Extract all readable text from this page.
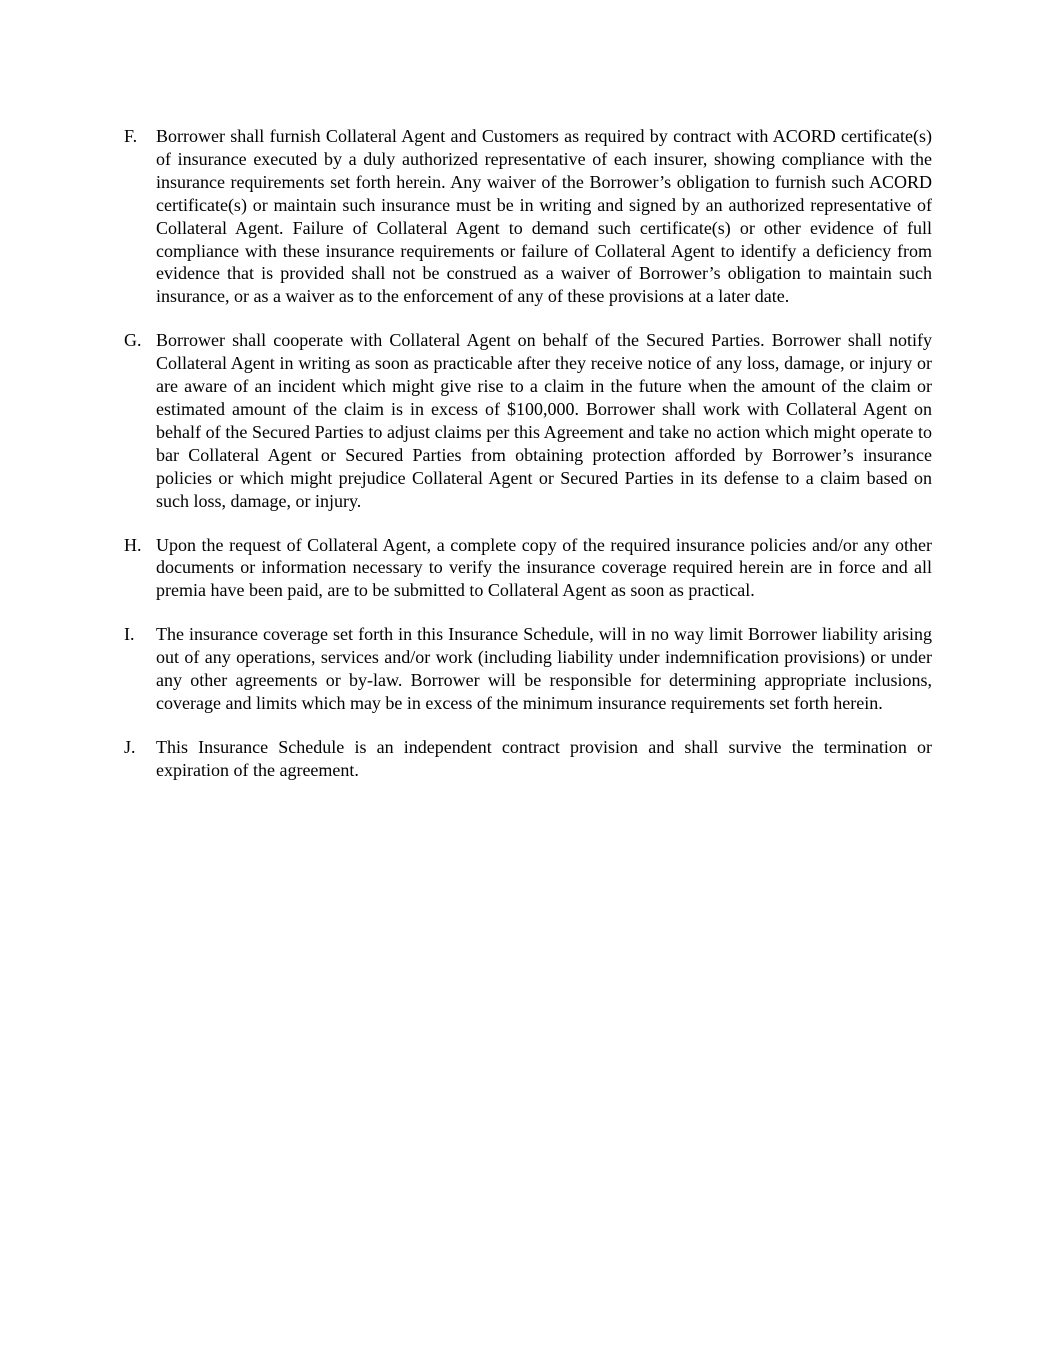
F.	Borrower shall furnish Collateral Agent and Customers as required by contract with ACORD certificate(s) of insurance executed by a duly authorized representative of each insurer, showing compliance with the insurance requirements set forth herein. Any waiver of the Borrower’s obligation to furnish such ACORD certificate(s) or maintain such insurance must be in writing and signed by an authorized representative of Collateral Agent. Failure of Collateral Agent to demand such certificate(s) or other evidence of full compliance with these insurance requirements or failure of Collateral Agent to identify a deficiency from evidence that is provided shall not be construed as a waiver of Borrower’s obligation to maintain such insurance, or as a waiver as to the enforcement of any of these provisions at a later date.

G. Borrower shall cooperate with Collateral Agent on behalf of the Secured Parties. Borrower shall notify Collateral Agent in writing as soon as practicable after they receive notice of any loss, damage, or injury or are aware of an incident which might give rise to a claim in the future when the amount of the claim or estimated amount of the claim is in excess of $100,000. Borrower shall work with Collateral Agent on behalf of the Secured Parties to adjust claims per this Agreement and take no action which might operate to bar Collateral Agent or Secured Parties from obtaining protection afforded by Borrower’s insurance policies or which might prejudice Collateral Agent or Secured Parties in its defense to a claim based on such loss, damage, or injury.

H. Upon the request of Collateral Agent, a complete copy of the required insurance policies and/or any other documents or information necessary to verify the insurance coverage required herein are in force and all premia have been paid, are to be submitted to Collateral Agent as soon as practical.

I.	The insurance coverage set forth in this Insurance Schedule, will in no way limit Borrower liability arising out of any operations, services and/or work (including liability under indemnification provisions) or under any other agreements or by-law. Borrower will be responsible for determining appropriate inclusions, coverage and limits which may be in excess of the minimum insurance requirements set forth herein.

J.	This Insurance Schedule is an independent contract provision and shall survive the termination or expiration of the agreement.
